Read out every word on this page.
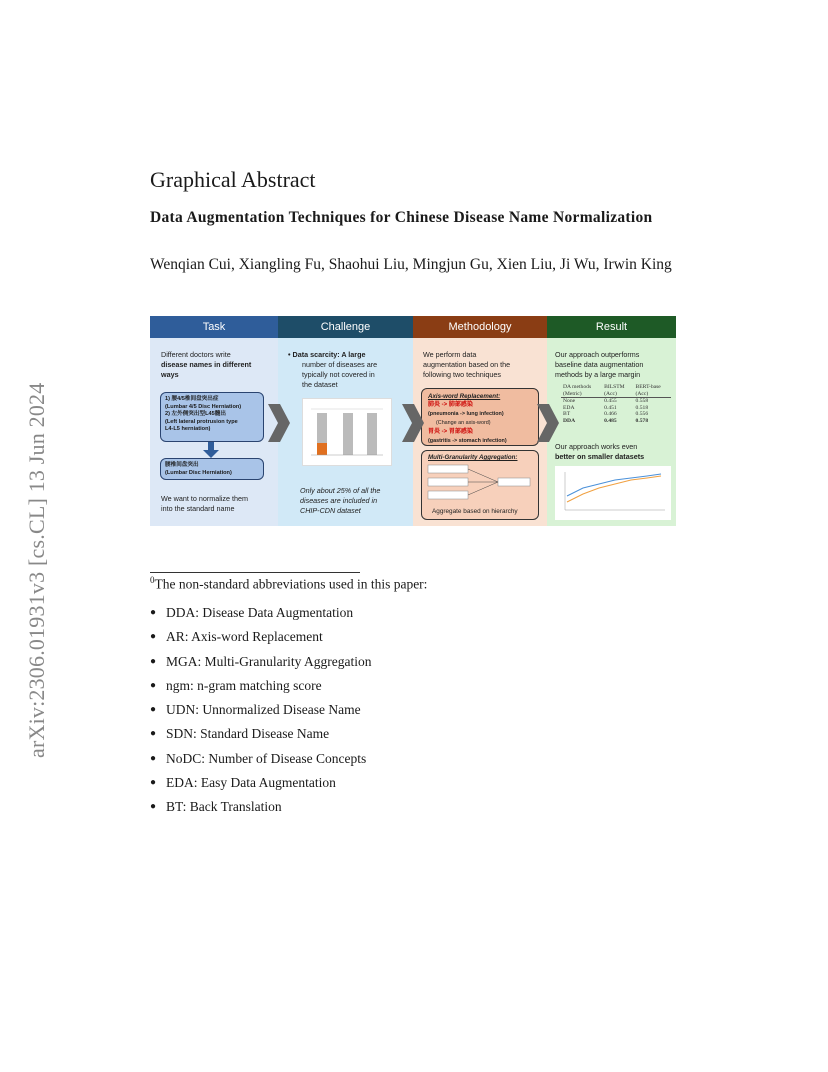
arXiv:2306.01931v3 [cs.CL] 13 Jun 2024
Graphical Abstract
Data Augmentation Techniques for Chinese Disease Name Normalization
Wenqian Cui, Xiangling Fu, Shaohui Liu, Mingjun Gu, Xien Liu, Ji Wu, Irwin King
Task
Different doctors write
disease names in different
ways
1) 腰4/5椎间盘突出症
(Lumbar 4/5 Disc Herniation)
2) 左外侧突出型L45髓出
(Left lateral protrusion type
L4-L5 herniation)
腰椎间盘突出
(Lumbar Disc Herniation)
We want to normalize them
into the standard name
Challenge
• Data scarcity: A large
number of diseases are
typically not covered in
the dataset
Only about 25% of all the
diseases are included in
CHIP-CDN dataset
Methodology
We perform data
augmentation based on the
following two techniques
Axis-word Replacement:
肺炎 -> 肺部感染
(pneumonia -> lung infection)
(Change an axis-word)
胃炎 -> 胃部感染
(gastritis -> stomach infection)
Multi-Granularity Aggregation:
Aggregate based on hierarchy
Result
Our approach outperforms
baseline data augmentation
methods by a large margin
DA methods	BILSTM	BERT-base
(Metric)	(Acc)	(Acc)
None	0.455	0.558
EDA	0.451	0.518
BT	0.466	0.556
DDA	0.485	0.578
Our approach works even
better on smaller datasets
$^0$The non-standard abbreviations used in this paper:
● DDA: Disease Data Augmentation
● AR: Axis-word Replacement
● MGA: Multi-Granularity Aggregation
● ngm: n-gram matching score
● UDN: Unnormalized Disease Name
● SDN: Standard Disease Name
● NoDC: Number of Disease Concepts
● EDA: Easy Data Augmentation
● BT: Back Translation
